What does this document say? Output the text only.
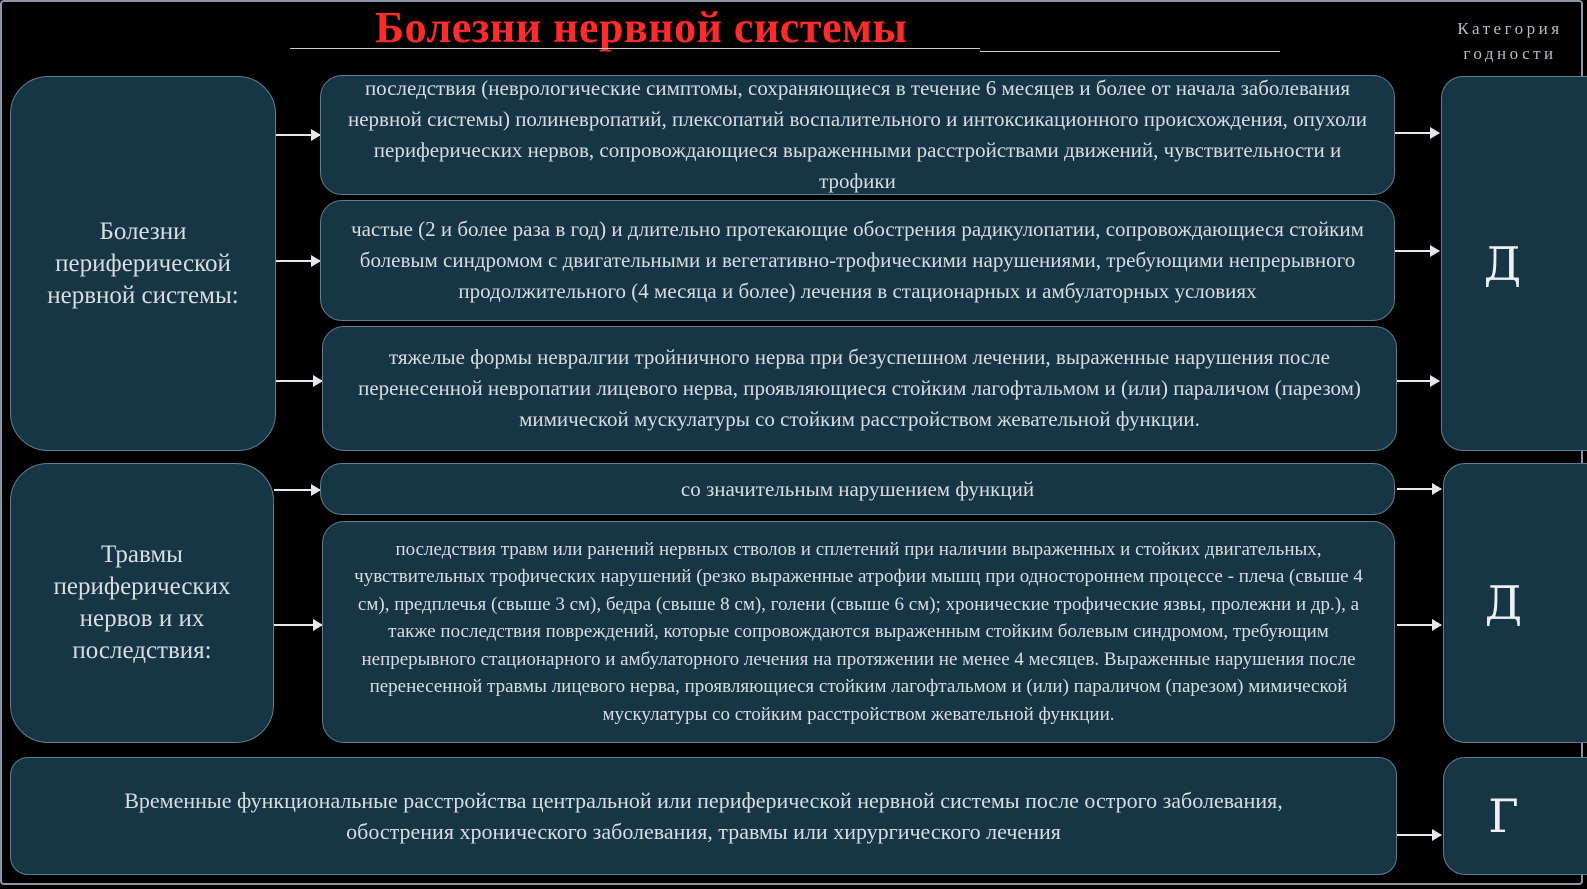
Болезни нервной системы	Категория
годности
Болезни периферической нервной системы:
последствия (неврологические симптомы, сохраняющиеся в течение 6 месяцев и более от начала заболевания нервной системы) полиневропатий, плексопатий воспалительного и интоксикационного происхождения, опухоли периферических нервов, сопровождающиеся выраженными расстройствами движений, чувствительности и трофики
частые (2 и более раза в год) и длительно протекающие обострения радикулопатии, сопровождающиеся стойким болевым синдромом с двигательными и вегетативно-трофическими нарушениями, требующими непрерывного продолжительного (4 месяца и более) лечения в стационарных и амбулаторных условиях
тяжелые формы невралгии тройничного нерва при безуспешном лечении, выраженные нарушения после перенесенной невропатии лицевого нерва, проявляющиеся стойким лагофтальмом и (или) параличом (парезом) мимической мускулатуры со стойким расстройством жевательной функции.
Д
Травмы периферических нервов и их последствия:
со значительным нарушением функций
последствия травм или ранений нервных стволов и сплетений при наличии выраженных и стойких двигательных, чувствительных трофических нарушений (резко выраженные атрофии мышц при одностороннем процессе - плеча (свыше 4 см), предплечья (свыше 3 см), бедра (свыше 8 см), голени (свыше 6 см); хронические трофические язвы, пролежни и др.), а также последствия повреждений, которые сопровождаются выраженным стойким болевым синдромом, требующим непрерывного стационарного и амбулаторного лечения на протяжении не менее 4 месяцев. Выраженные нарушения после перенесенной травмы лицевого нерва, проявляющиеся стойким лагофтальмом и (или) параличом (парезом) мимической мускулатуры со стойким расстройством жевательной функции.
Д
Временные функциональные расстройства центральной или периферической нервной системы после острого заболевания, обострения хронического заболевания, травмы или хирургического лечения	Г
